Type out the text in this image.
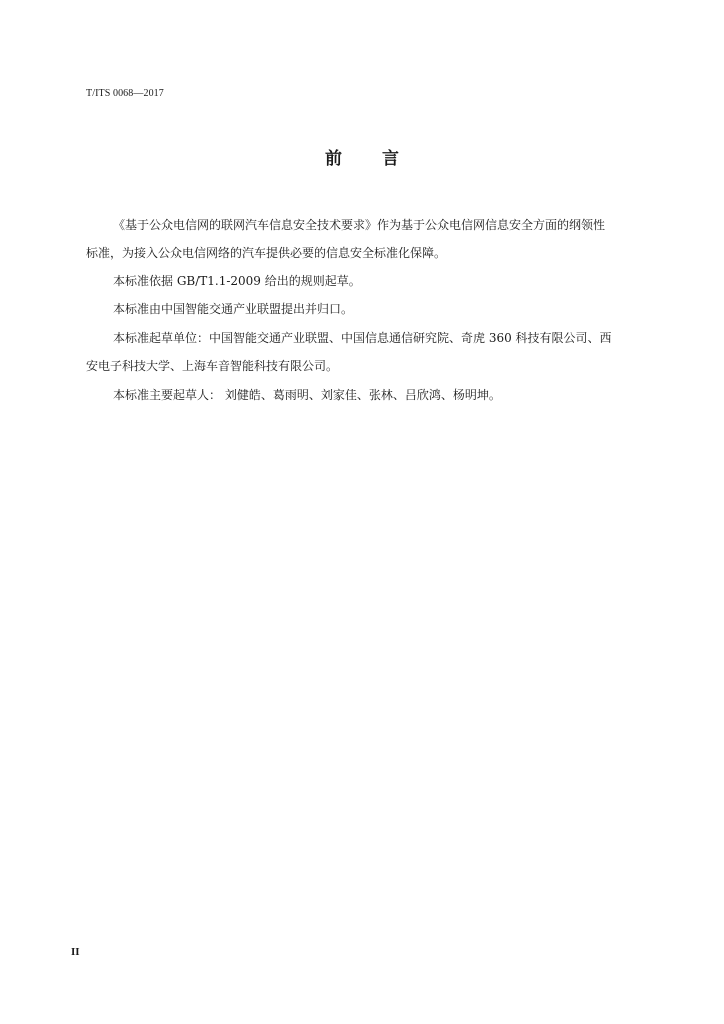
T/ITS 0068—2017
前言
《基于公众电信网的联网汽车信息安全技术要求》作为基于公众电信网信息安全方面的纲领性
标准，为接入公众电信网络的汽车提供必要的信息安全标准化保障。
本标准依据 GB/T1.1-2009 给出的规则起草。
本标准由中国智能交通产业联盟提出并归口。
本标准起草单位：中国智能交通产业联盟、中国信息通信研究院、奇虎 360 科技有限公司、西
安电子科技大学、上海车音智能科技有限公司。
本标准主要起草人： 刘健皓、葛雨明、刘家佳、张林、吕欣鸿、杨明坤。
II
